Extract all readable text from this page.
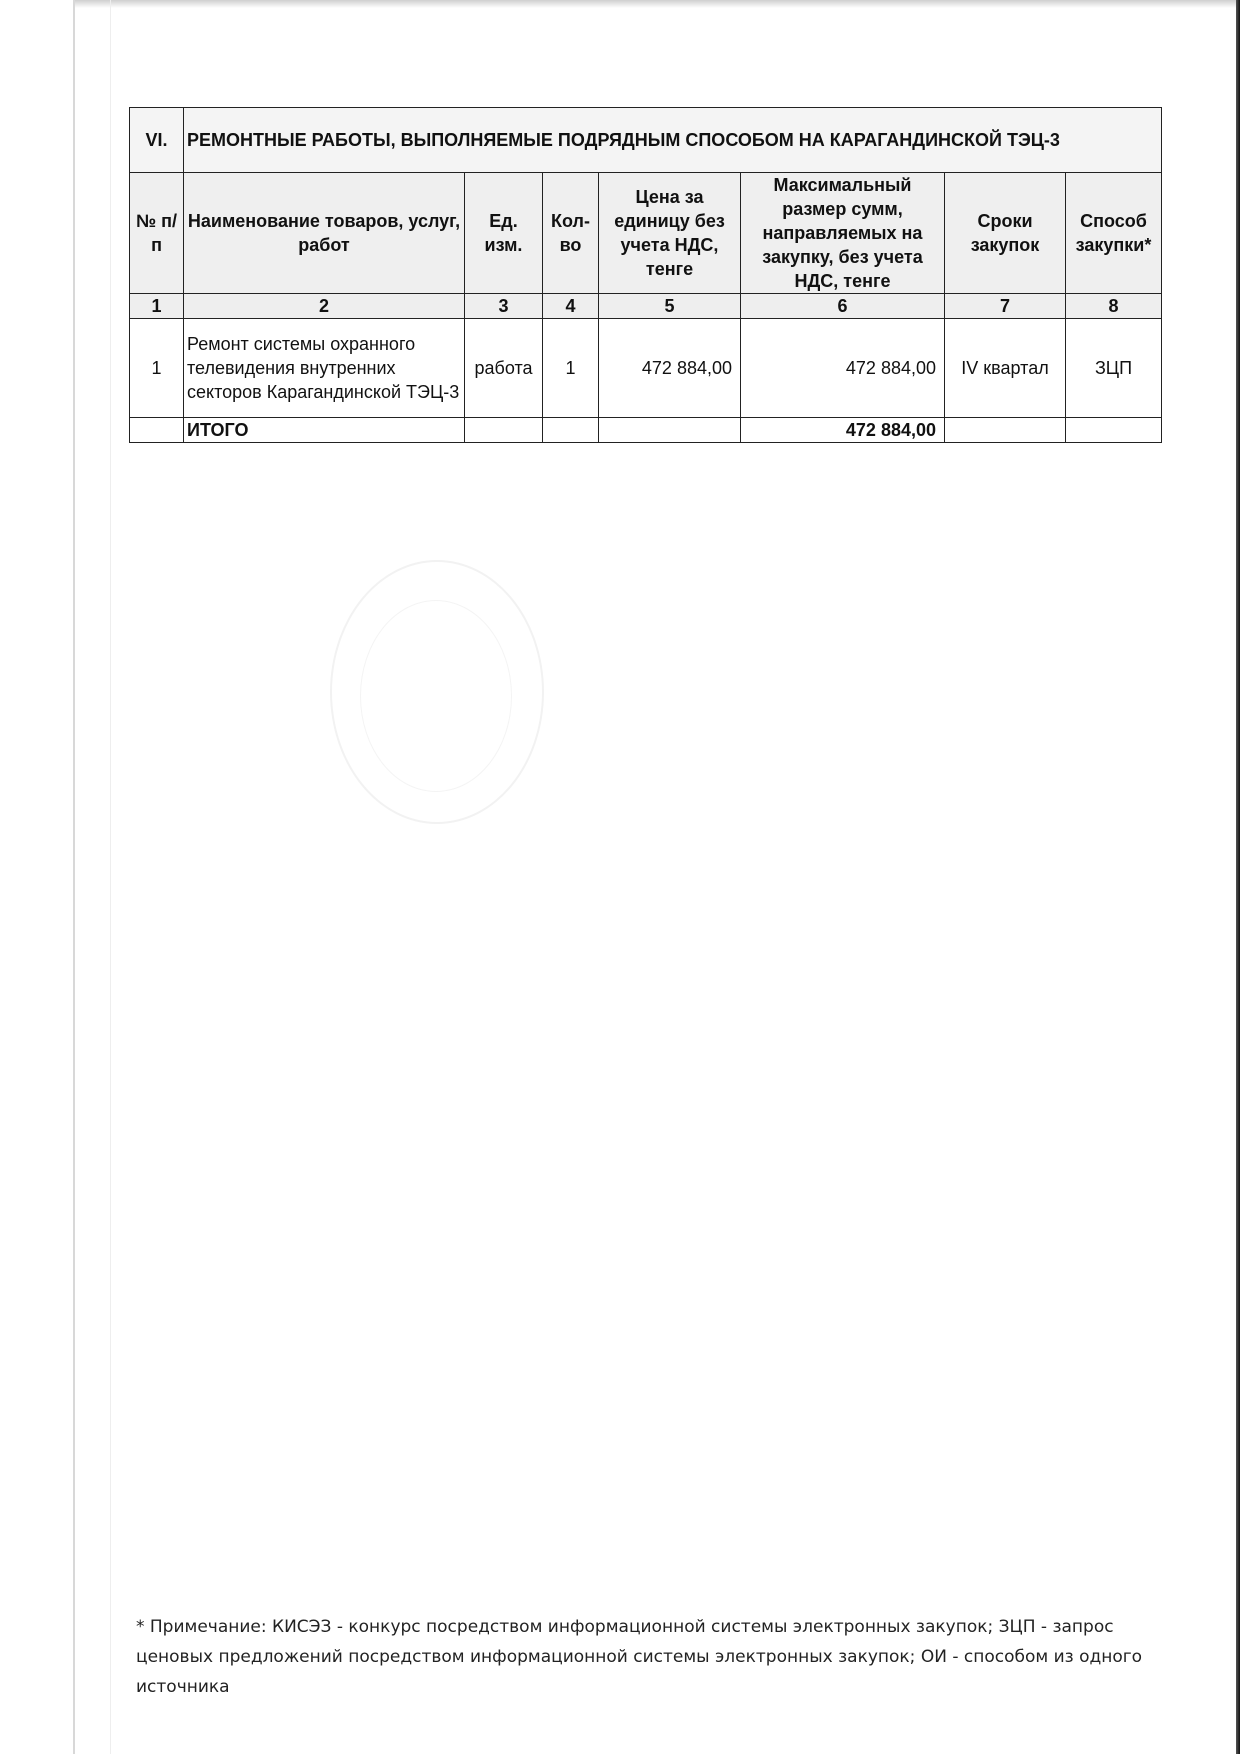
VI.	РЕМОНТНЫЕ РАБОТЫ, ВЫПОЛНЯЕМЫЕ ПОДРЯДНЫМ СПОСОБОМ НА КАРАГАНДИНСКОЙ ТЭЦ-3						
№ п/п	Наименование товаров, услуг, работ	Ед. изм.	Кол-во	Цена за единицу без учета НДС, тенге	Максимальный размер сумм, направляемых на закупку, без учета НДС, тенге	Сроки закупок	Способ закупки*
1	2	3	4	5	6	7	8
1	Ремонт системы охранного телевидения внутренних секторов Карагандинской ТЭЦ-3	работа	1	472 884,00	472 884,00	IV квартал	ЗЦП
	ИТОГО				472 884,00		
* Примечание: КИСЭЗ - конкурс посредством информационной системы электронных закупок; ЗЦП - запрос ценовых предложений посредством информационной системы электронных закупок; ОИ - способом из одного источника
